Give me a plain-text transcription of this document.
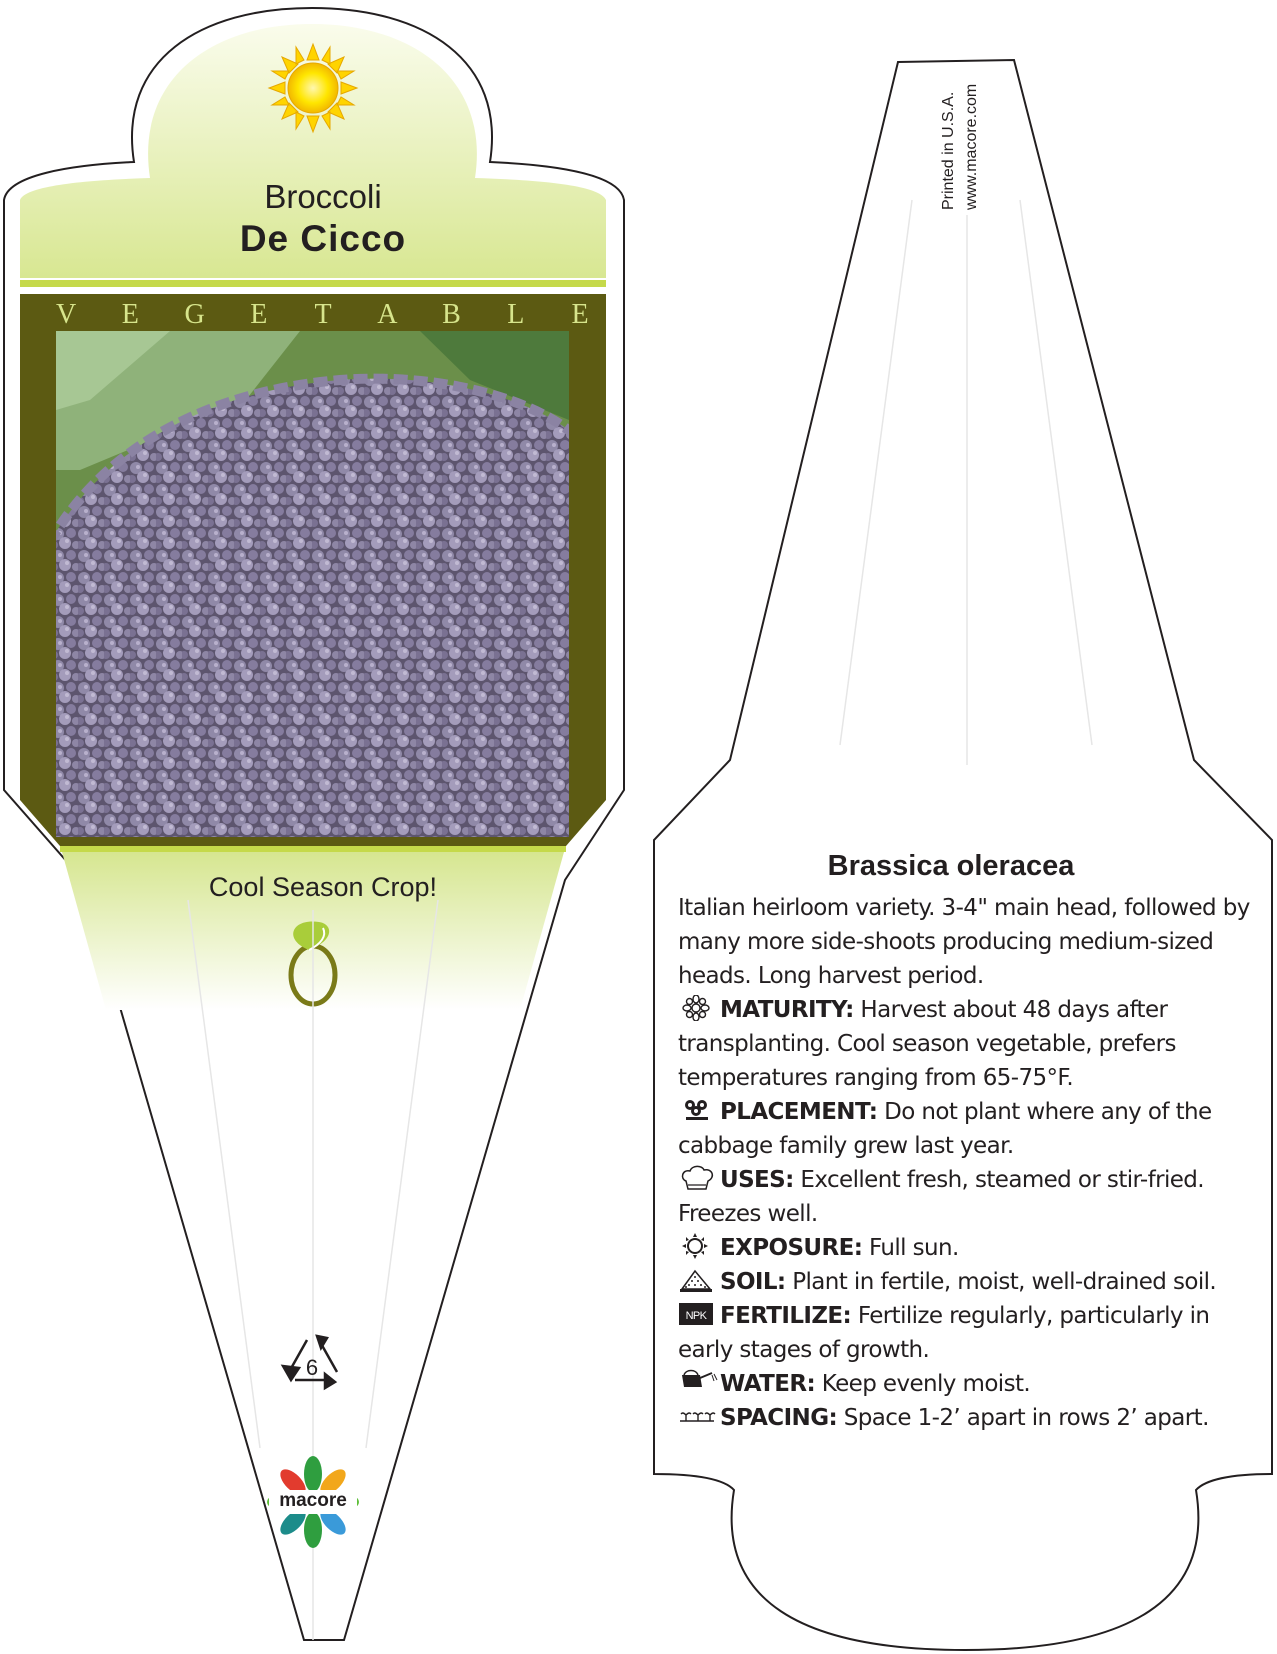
Broccoli
De Cicco
V E G E T A B L E
Cool Season Crop!
6
macore
Printed in U.S.A. www.macore.com
Brassica oleracea
Italian heirloom variety. 3-4" main head, followed by many more side-shoots producing medium-sized heads. Long harvest period.
MATURITY: Harvest about 48 days after transplanting. Cool season vegetable, prefers temperatures ranging from 65-75°F.
PLACEMENT: Do not plant where any of the cabbage family grew last year.
USES: Excellent fresh, steamed or stir-fried. Freezes well.
EXPOSURE: Full sun.
SOIL: Plant in fertile, moist, well-drained soil.
NPK FERTILIZE: Fertilize regularly, particularly in early stages of growth.
WATER: Keep evenly moist.
SPACING: Space 1-2’ apart in rows 2’ apart.
